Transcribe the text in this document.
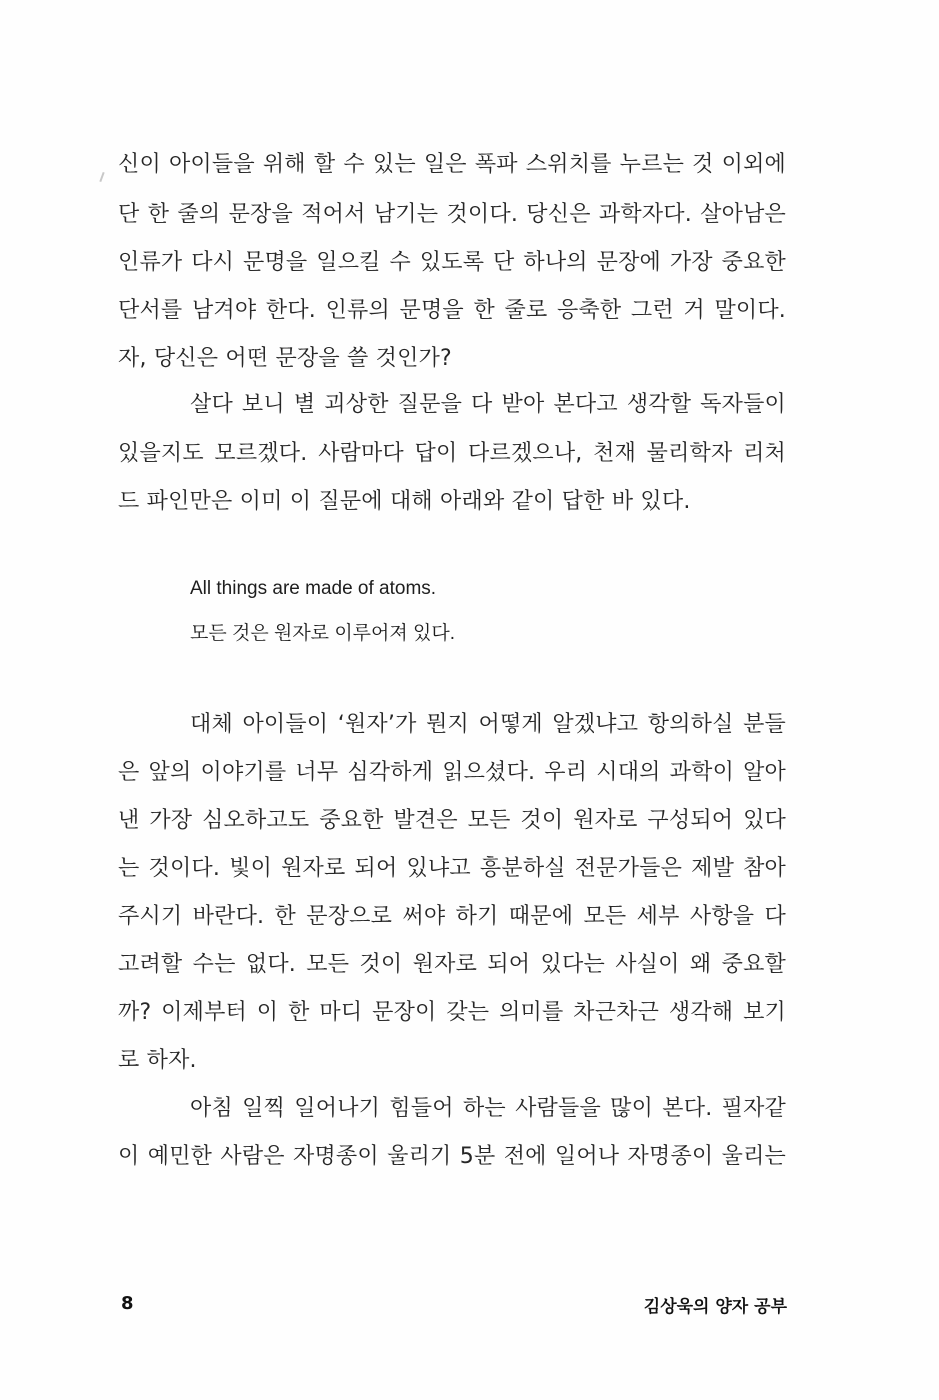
신이 아이들을 위해 할 수 있는 일은 폭파 스위치를 누르는 것 이외에
단 한 줄의 문장을 적어서 남기는 것이다. 당신은 과학자다. 살아남은
인류가 다시 문명을 일으킬 수 있도록 단 하나의 문장에 가장 중요한
단서를 남겨야 한다. 인류의 문명을 한 줄로 응축한 그런 거 말이다.
자, 당신은 어떤 문장을 쓸 것인가?
살다 보니 별 괴상한 질문을 다 받아 본다고 생각할 독자들이
있을지도 모르겠다. 사람마다 답이 다르겠으나, 천재 물리학자 리처
드 파인만은 이미 이 질문에 대해 아래와 같이 답한 바 있다.
All things are made of atoms.
모든 것은 원자로 이루어져 있다.
대체 아이들이 ‘원자’가 뭔지 어떻게 알겠냐고 항의하실 분들
은 앞의 이야기를 너무 심각하게 읽으셨다. 우리 시대의 과학이 알아
낸 가장 심오하고도 중요한 발견은 모든 것이 원자로 구성되어 있다
는 것이다. 빛이 원자로 되어 있냐고 흥분하실 전문가들은 제발 참아
주시기 바란다. 한 문장으로 써야 하기 때문에 모든 세부 사항을 다
고려할 수는 없다. 모든 것이 원자로 되어 있다는 사실이 왜 중요할
까? 이제부터 이 한 마디 문장이 갖는 의미를 차근차근 생각해 보기
로 하자.
아침 일찍 일어나기 힘들어 하는 사람들을 많이 본다. 필자같
이 예민한 사람은 자명종이 울리기 5분 전에 일어나 자명종이 울리는
8	김상욱의 양자 공부
